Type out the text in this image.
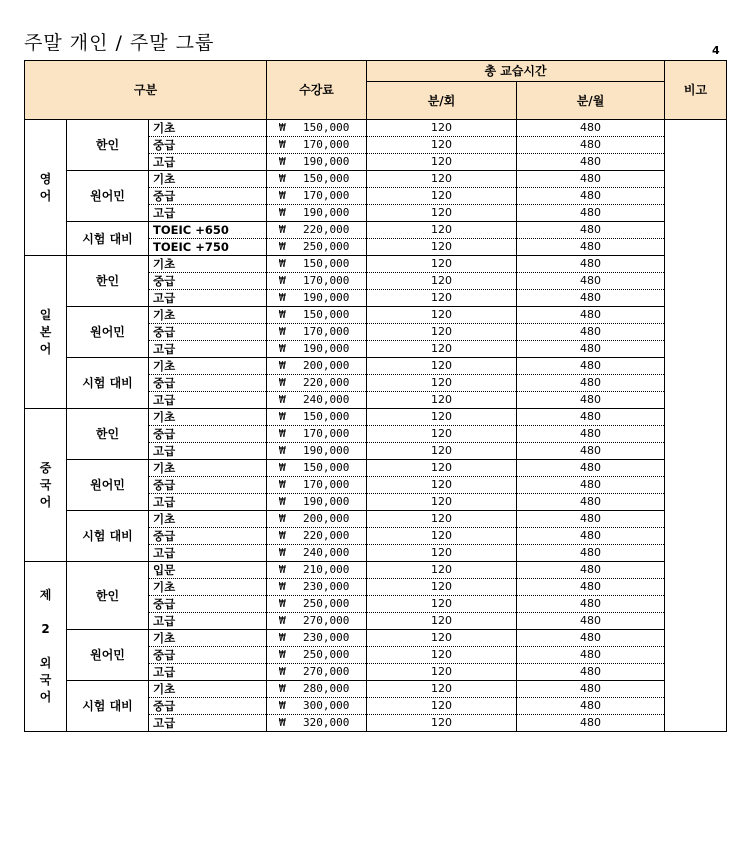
주말 개인 / 주말 그룹	4
구분			수강료	총 교습시간		비고
				분/회	분/월	

영
어	한인	기초	₩ 150,000	120	480	
		중급	₩ 170,000	120	480	
		고급	₩ 190,000	120	480	
	원어민	기초	₩ 150,000	120	480	
		중급	₩ 170,000	120	480	
		고급	₩ 190,000	120	480	
	시험 대비	TOEIC +650	₩ 220,000	120	480	
		TOEIC +750	₩ 250,000	120	480	

일
본
어	한인	기초	₩ 150,000	120	480	
		중급	₩ 170,000	120	480	
		고급	₩ 190,000	120	480	
	원어민	기초	₩ 150,000	120	480	
		중급	₩ 170,000	120	480	
		고급	₩ 190,000	120	480	
	시험 대비	기초	₩ 200,000	120	480	
		중급	₩ 220,000	120	480	
		고급	₩ 240,000	120	480	

중
국
어	한인	기초	₩ 150,000	120	480	
		중급	₩ 170,000	120	480	
		고급	₩ 190,000	120	480	
	원어민	기초	₩ 150,000	120	480	
		중급	₩ 170,000	120	480	
		고급	₩ 190,000	120	480	
	시험 대비	기초	₩ 200,000	120	480	
		중급	₩ 220,000	120	480	
		고급	₩ 240,000	120	480	

제
2
외
국
어	한인	입문	₩ 210,000	120	480	
		기초	₩ 230,000	120	480	
		중급	₩ 250,000	120	480	
		고급	₩ 270,000	120	480	
	원어민	기초	₩ 230,000	120	480	
		중급	₩ 250,000	120	480	
		고급	₩ 270,000	120	480	
	시험 대비	기초	₩ 280,000	120	480	
		중급	₩ 300,000	120	480	
		고급	₩ 320,000	120	480	
